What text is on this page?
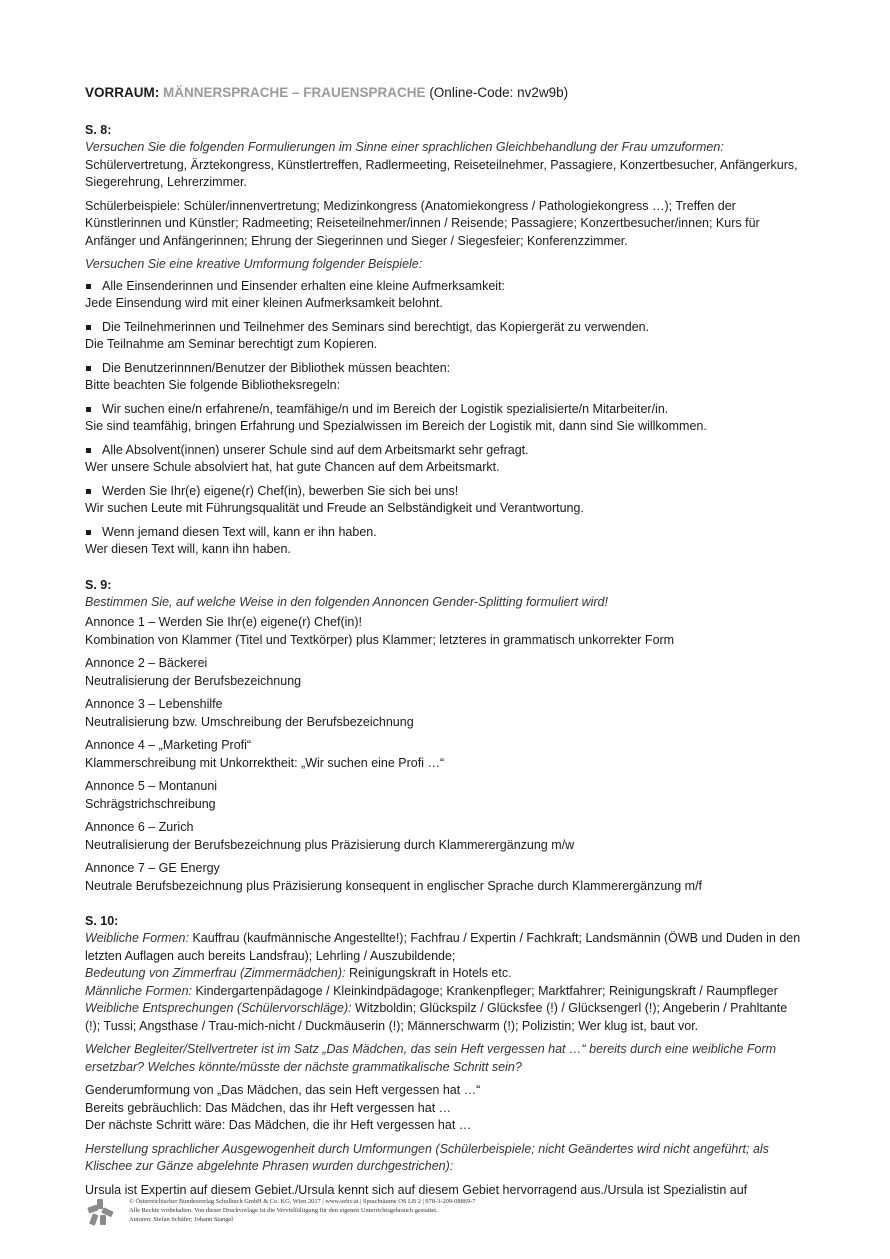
VORRAUM: MÄNNERSPRACHE – FRAUENSPRACHE (Online-Code: nv2w9b)

S. 8:

Versuchen Sie die folgenden Formulierungen im Sinne einer sprachlichen Gleichbehandlung der Frau umzuformen:

Schülervertretung, Ärztekongress, Künstlertreffen, Radlermeeting, Reiseteilnehmer, Passagiere, Konzertbesucher, Anfängerkurs, Siegerehrung, Lehrerzimmer.

Schülerbeispiele: Schüler/innenvertretung; Medizinkongress (Anatomiekongress / Pathologiekongress …); Treffen der Künstlerinnen und Künstler; Radmeeting; Reiseteilnehmer/innen / Reisende; Passagiere; Konzertbesucher/innen; Kurs für Anfänger und Anfängerinnen; Ehrung der Siegerinnen und Sieger / Siegesfeier; Konferenzzimmer.

Versuchen Sie eine kreative Umformung folgender Beispiele:

Alle Einsenderinnen und Einsender erhalten eine kleine Aufmerksamkeit:

Jede Einsendung wird mit einer kleinen Aufmerksamkeit belohnt.

Die Teilnehmerinnen und Teilnehmer des Seminars sind berechtigt, das Kopiergerät zu verwenden.

Die Teilnahme am Seminar berechtigt zum Kopieren.

Die Benutzerinnnen/Benutzer der Bibliothek müssen beachten:

Bitte beachten Sie folgende Bibliotheksregeln:

Wir suchen eine/n erfahrene/n, teamfähige/n und im Bereich der Logistik spezialisierte/n Mitarbeiter/in.

Sie sind teamfähig, bringen Erfahrung und Spezialwissen im Bereich der Logistik mit, dann sind Sie willkommen.

Alle Absolvent(innen) unserer Schule sind auf dem Arbeitsmarkt sehr gefragt.

Wer unsere Schule absolviert hat, hat gute Chancen auf dem Arbeitsmarkt.

Werden Sie Ihr(e) eigene(r) Chef(in), bewerben Sie sich bei uns!

Wir suchen Leute mit Führungsqualität und Freude an Selbständigkeit und Verantwortung.

Wenn jemand diesen Text will, kann er ihn haben.

Wer diesen Text will, kann ihn haben.

S. 9:

Bestimmen Sie, auf welche Weise in den folgenden Annoncen Gender-Splitting formuliert wird!

Annonce 1 – Werden Sie Ihr(e) eigene(r) Chef(in)!

Kombination von Klammer (Titel und Textkörper) plus Klammer; letzteres in grammatisch unkorrekter Form

Annonce 2 – Bäckerei

Neutralisierung der Berufsbezeichnung

Annonce 3 – Lebenshilfe

Neutralisierung bzw. Umschreibung der Berufsbezeichnung

Annonce 4 – „Marketing Profi“

Klammerschreibung mit Unkorrektheit: „Wir suchen eine Profi …“

Annonce 5 – Montanuni

Schrägstrichschreibung

Annonce 6 – Zurich

Neutralisierung der Berufsbezeichnung plus Präzisierung durch Klammerergänzung m/w

Annonce 7 – GE Energy

Neutrale Berufsbezeichnung plus Präzisierung konsequent in englischer Sprache durch Klammerergänzung m/f

S. 10:

Weibliche Formen: Kauffrau (kaufmännische Angestellte!); Fachfrau / Expertin / Fachkraft; Landsmännin (ÖWB und Duden in den letzten Auflagen auch bereits Landsfrau); Lehrling / Auszubildende;

Bedeutung von Zimmerfrau (Zimmermädchen): Reinigungskraft in Hotels etc.

Männliche Formen: Kindergartenpädagoge / Kleinkindpädagoge; Krankenpfleger; Marktfahrer; Reinigungskraft / Raumpfleger

Weibliche Entsprechungen (Schülervorschläge): Witzboldin; Glückspilz / Glücksfee (!) / Glücksengerl (!); Angeberin / Prahltante (!); Tussi; Angsthase / Trau-mich-nicht / Duckmäuserin (!); Männerschwarm (!); Polizistin; Wer klug ist, baut vor.

Welcher Begleiter/Stellvertreter ist im Satz „Das Mädchen, das sein Heft vergessen hat …“ bereits durch eine weibliche Form ersetzbar? Welches könnte/müsste der nächste grammatikalische Schritt sein?

Genderumformung von „Das Mädchen, das sein Heft vergessen hat …“

Bereits gebräuchlich: Das Mädchen, das ihr Heft vergessen hat …

Der nächste Schritt wäre: Das Mädchen, die ihr Heft vergessen hat …

Herstellung sprachlicher Ausgewogenheit durch Umformungen (Schülerbeispiele; nicht Geändertes wird nicht angeführt; als Klischee zur Gänze abgelehnte Phrasen wurden durchgestrichen):

Ursula ist Expertin auf diesem Gebiet./Ursula kennt sich auf diesem Gebiet hervorragend aus./Ursula ist Spezialistin auf

© Österreichischer Bundesverlag Schulbuch GmbH & Co. KG, Wien 2017 | www.oebv.at | Sprachräume OS LB 2 | 978-3-209-08869-7
Alle Rechte vorbehalten. Von dieser Druckvorlage ist die Vervielfältigung für den eigenen Unterrichtsgebrauch gestattet.
Autoren: Stefan Schäfer; Johann Stangel
